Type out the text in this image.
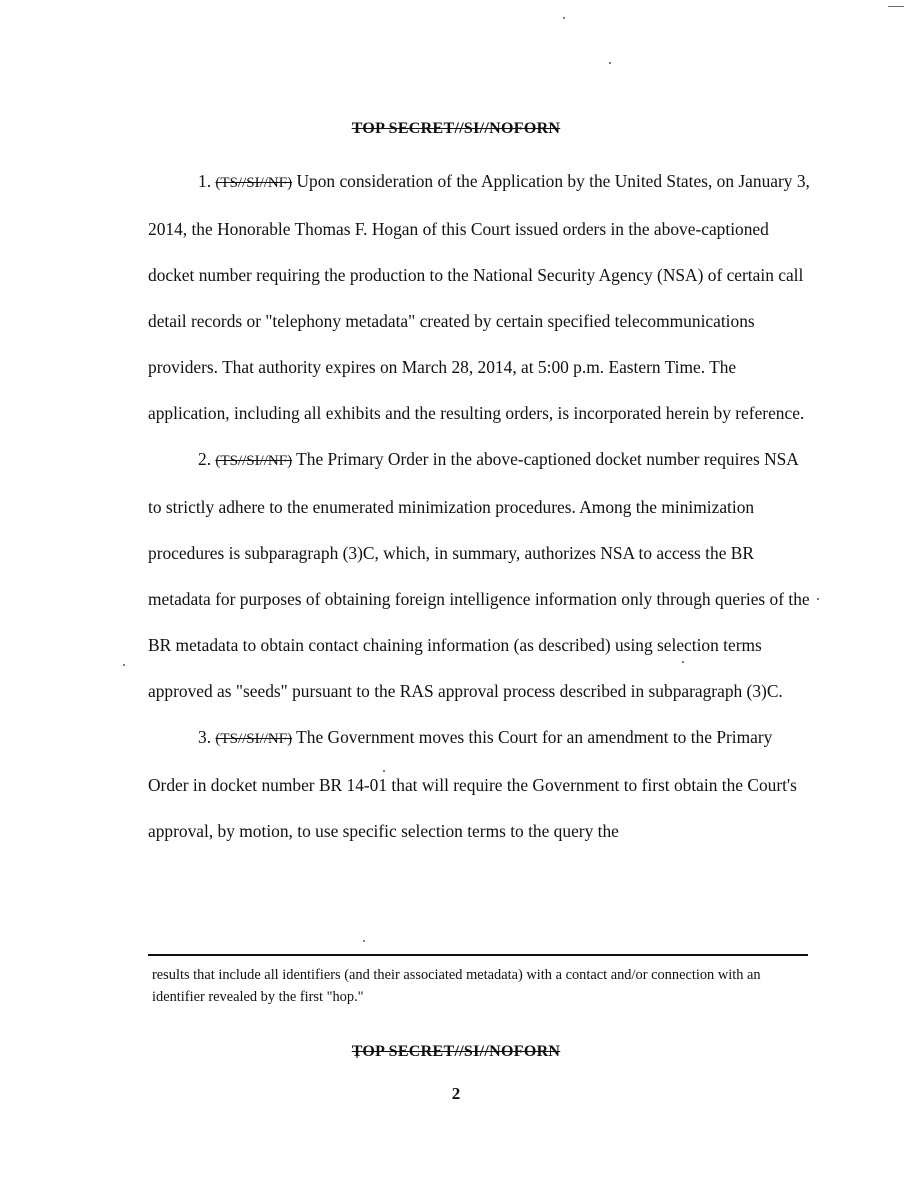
TOP SECRET//SI//NOFORN

1. (TS//SI//NF) Upon consideration of the Application by the United States, on January 3, 2014, the Honorable Thomas F. Hogan of this Court issued orders in the above-captioned docket number requiring the production to the National Security Agency (NSA) of certain call detail records or "telephony metadata" created by certain specified telecommunications providers. That authority expires on March 28, 2014, at 5:00 p.m. Eastern Time. The application, including all exhibits and the resulting orders, is incorporated herein by reference.

2. (TS//SI//NF) The Primary Order in the above-captioned docket number requires NSA to strictly adhere to the enumerated minimization procedures. Among the minimization procedures is subparagraph (3)C, which, in summary, authorizes NSA to access the BR metadata for purposes of obtaining foreign intelligence information only through queries of the BR metadata to obtain contact chaining information (as described) using selection terms approved as "seeds" pursuant to the RAS approval process described in subparagraph (3)C.

3. (TS//SI//NF) The Government moves this Court for an amendment to the Primary Order in docket number BR 14-01 that will require the Government to first obtain the Court's approval, by motion, to use specific selection terms to the query the

results that include all identifiers (and their associated metadata) with a contact and/or connection with an identifier revealed by the first "hop."
TOP SECRET//SI//NOFORN
2
